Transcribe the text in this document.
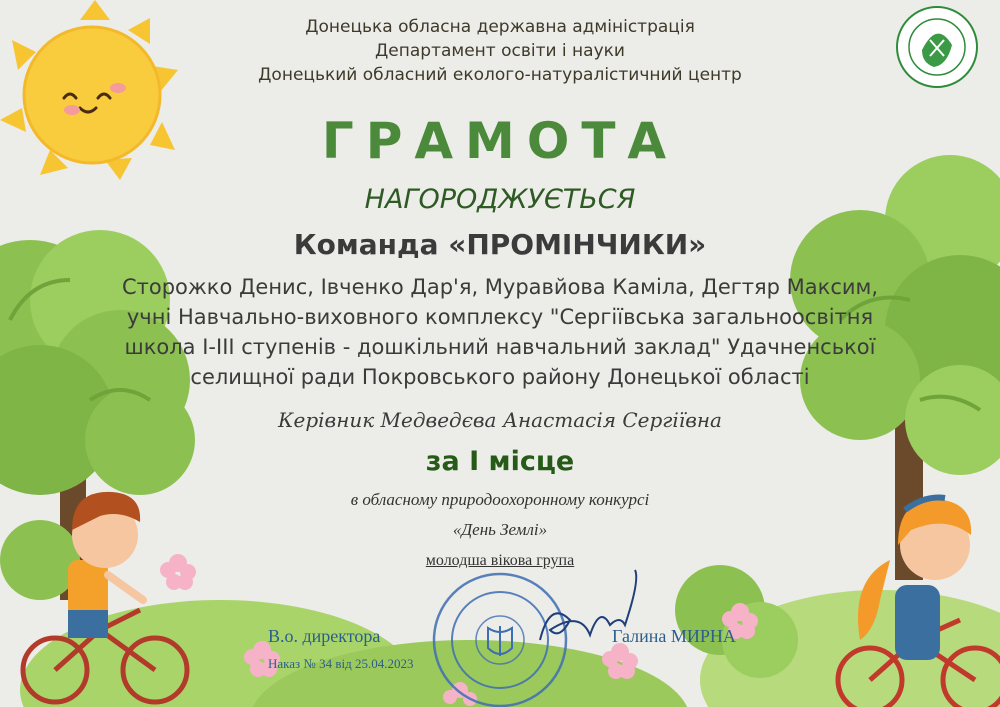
Донецька обласна державна адміністрація
Департамент освіти і науки
Донецький обласний еколого-натуралістичний центр
ГРАМОТА
НАГОРОДЖУЄТЬСЯ
Команда «ПРОМІНЧИКИ»
Сторожко Денис, Івченко Дар'я, Муравйова Каміла, Дегтяр Максим,
учні Навчально-виховного комплексу "Сергіївська загальноосвітня
школа І-ІІІ ступенів - дошкільний навчальний заклад" Удачненської
селищної ради Покровського району Донецької області
Керівник Медведєва Анастасія Сергіївна
за І місце
в обласному природоохоронному конкурсі
«День Землі»
молодша вікова група
В.о. директора	Галина МИРНА
Наказ № 34 від 25.04.2023
